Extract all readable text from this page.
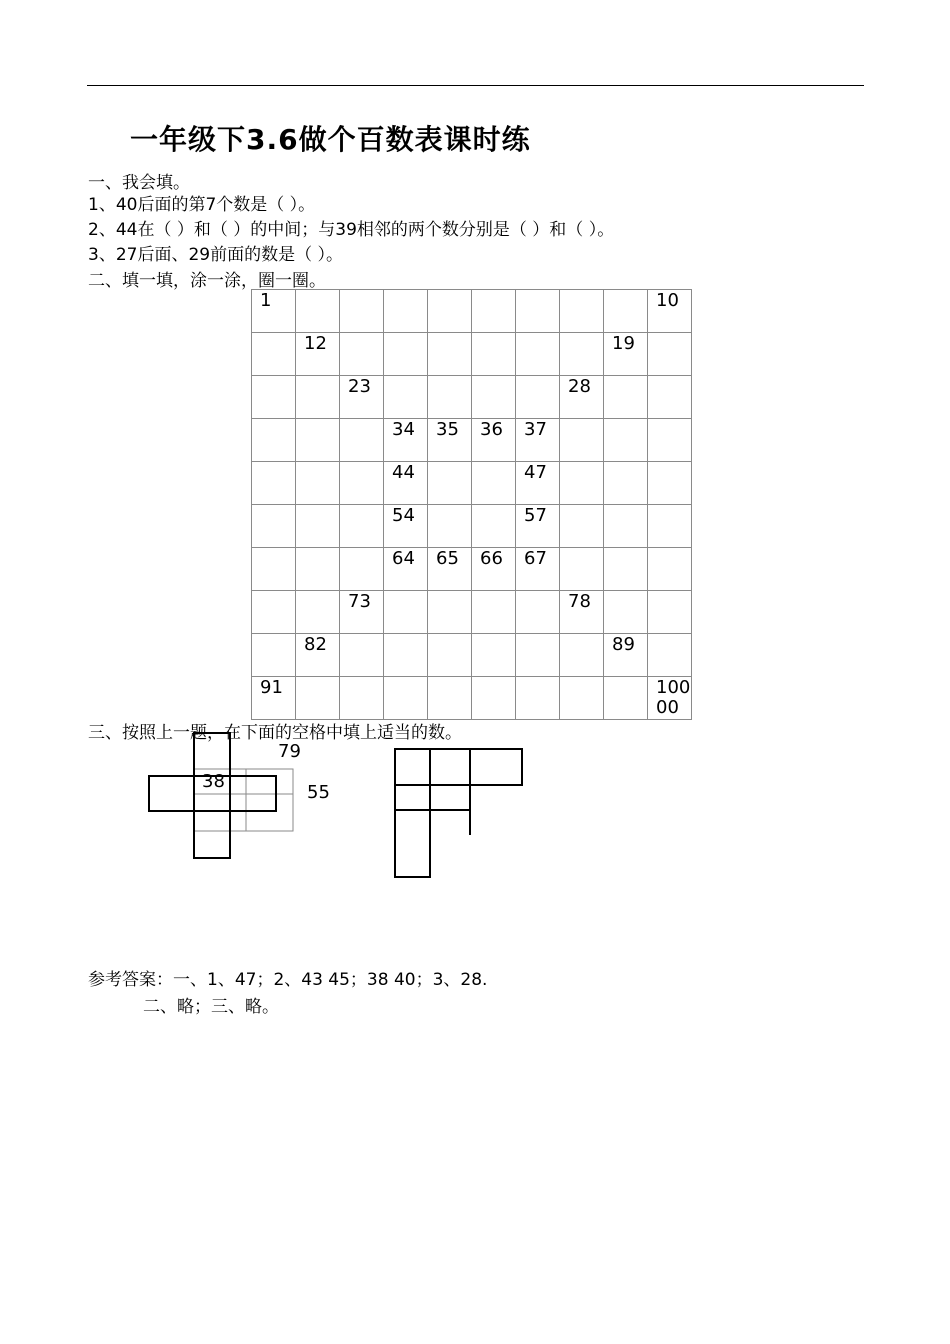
一年级下3.6做个百数表课时练
一、我会填。
1、40后面的第7个数是（ ）。
2、44在（ ）和（ ）的中间；与39相邻的两个数分别是（ ）和（ ）。
3、27后面、29前面的数是（ ）。
二、填一填，涂一涂，圈一圈。
1									10

	12							19	

		23					28		

			34	35	36	37			

			44			47			

			54			57			

			64	65	66	67			

		73					78		

	82							89	

91									10000
三、按照上一题，在下面的空格中填上适当的数。
79
38
55
参考答案：一、1、47；2、43 45；38 40；3、28.
二、略；三、略。
